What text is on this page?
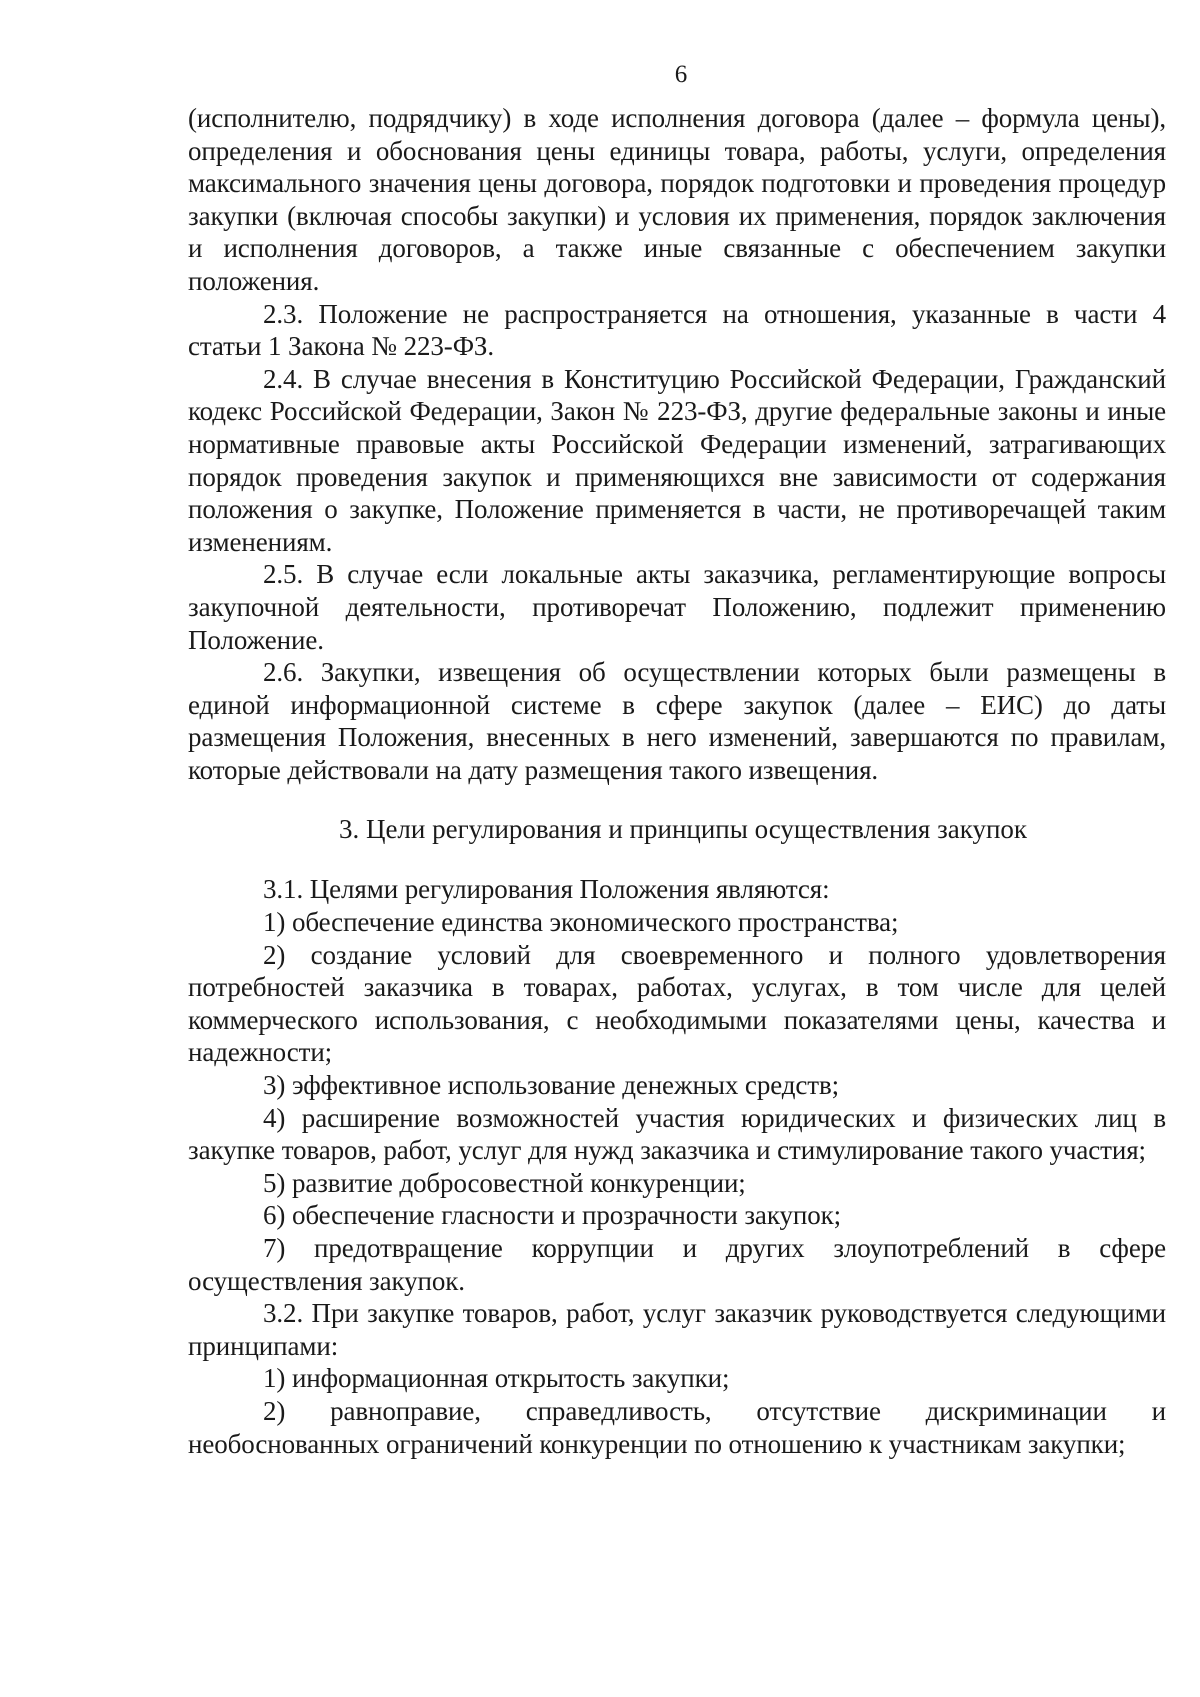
6

(исполнителю, подрядчику) в ходе исполнения договора (далее – формула цены), определения и обоснования цены единицы товара, работы, услуги, определения максимального значения цены договора, порядок подготовки и проведения процедур закупки (включая способы закупки) и условия их применения, порядок заключения и исполнения договоров, а также иные связанные с обеспечением закупки положения.

2.3. Положение не распространяется на отношения, указанные в части 4 статьи 1 Закона № 223-ФЗ.

2.4. В случае внесения в Конституцию Российской Федерации, Гражданский кодекс Российской Федерации, Закон № 223-ФЗ, другие федеральные законы и иные нормативные правовые акты Российской Федерации изменений, затрагивающих порядок проведения закупок и применяющихся вне зависимости от содержания положения о закупке, Положение применяется в части, не противоречащей таким изменениям.

2.5. В случае если локальные акты заказчика, регламентирующие вопросы закупочной деятельности, противоречат Положению, подлежит применению Положение.

2.6. Закупки, извещения об осуществлении которых были размещены в единой информационной системе в сфере закупок (далее – ЕИС) до даты размещения Положения, внесенных в него изменений, завершаются по правилам, которые действовали на дату размещения такого извещения.

3. Цели регулирования и принципы осуществления закупок

3.1. Целями регулирования Положения являются:

1) обеспечение единства экономического пространства;

2) создание условий для своевременного и полного удовлетворения потребностей заказчика в товарах, работах, услугах, в том числе для целей коммерческого использования, с необходимыми показателями цены, качества и надежности;

3) эффективное использование денежных средств;

4) расширение возможностей участия юридических и физических лиц в закупке товаров, работ, услуг для нужд заказчика и стимулирование такого участия;

5) развитие добросовестной конкуренции;

6) обеспечение гласности и прозрачности закупок;

7) предотвращение коррупции и других злоупотреблений в сфере осуществления закупок.

3.2. При закупке товаров, работ, услуг заказчик руководствуется следующими принципами:

1) информационная открытость закупки;

2) равноправие, справедливость, отсутствие дискриминации и необоснованных ограничений конкуренции по отношению к участникам закупки;
